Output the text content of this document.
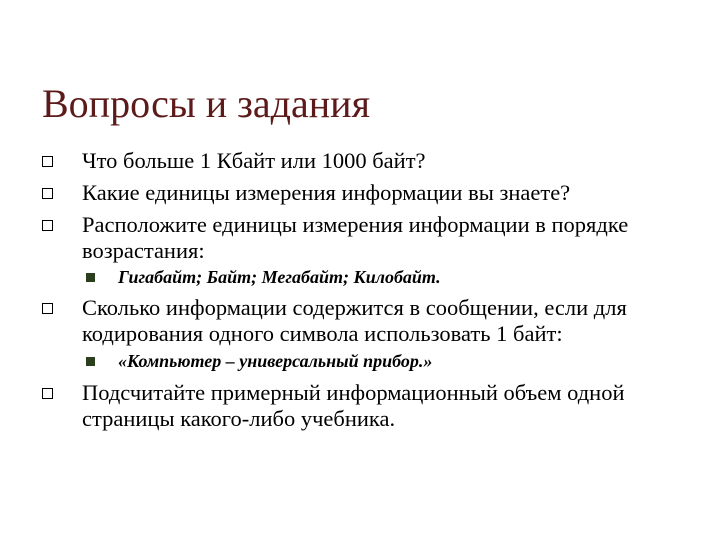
Вопросы и задания
Что больше 1 Кбайт или 1000 байт?
Какие единицы измерения информации вы знаете?
Расположите единицы измерения информации в порядке возрастания:
Гигабайт; Байт; Мегабайт; Килобайт.
Сколько информации содержится в сообщении, если для кодирования одного символа использовать 1 байт:
«Компьютер – универсальный прибор.»
Подсчитайте примерный информационный объем одной страницы какого-либо учебника.
